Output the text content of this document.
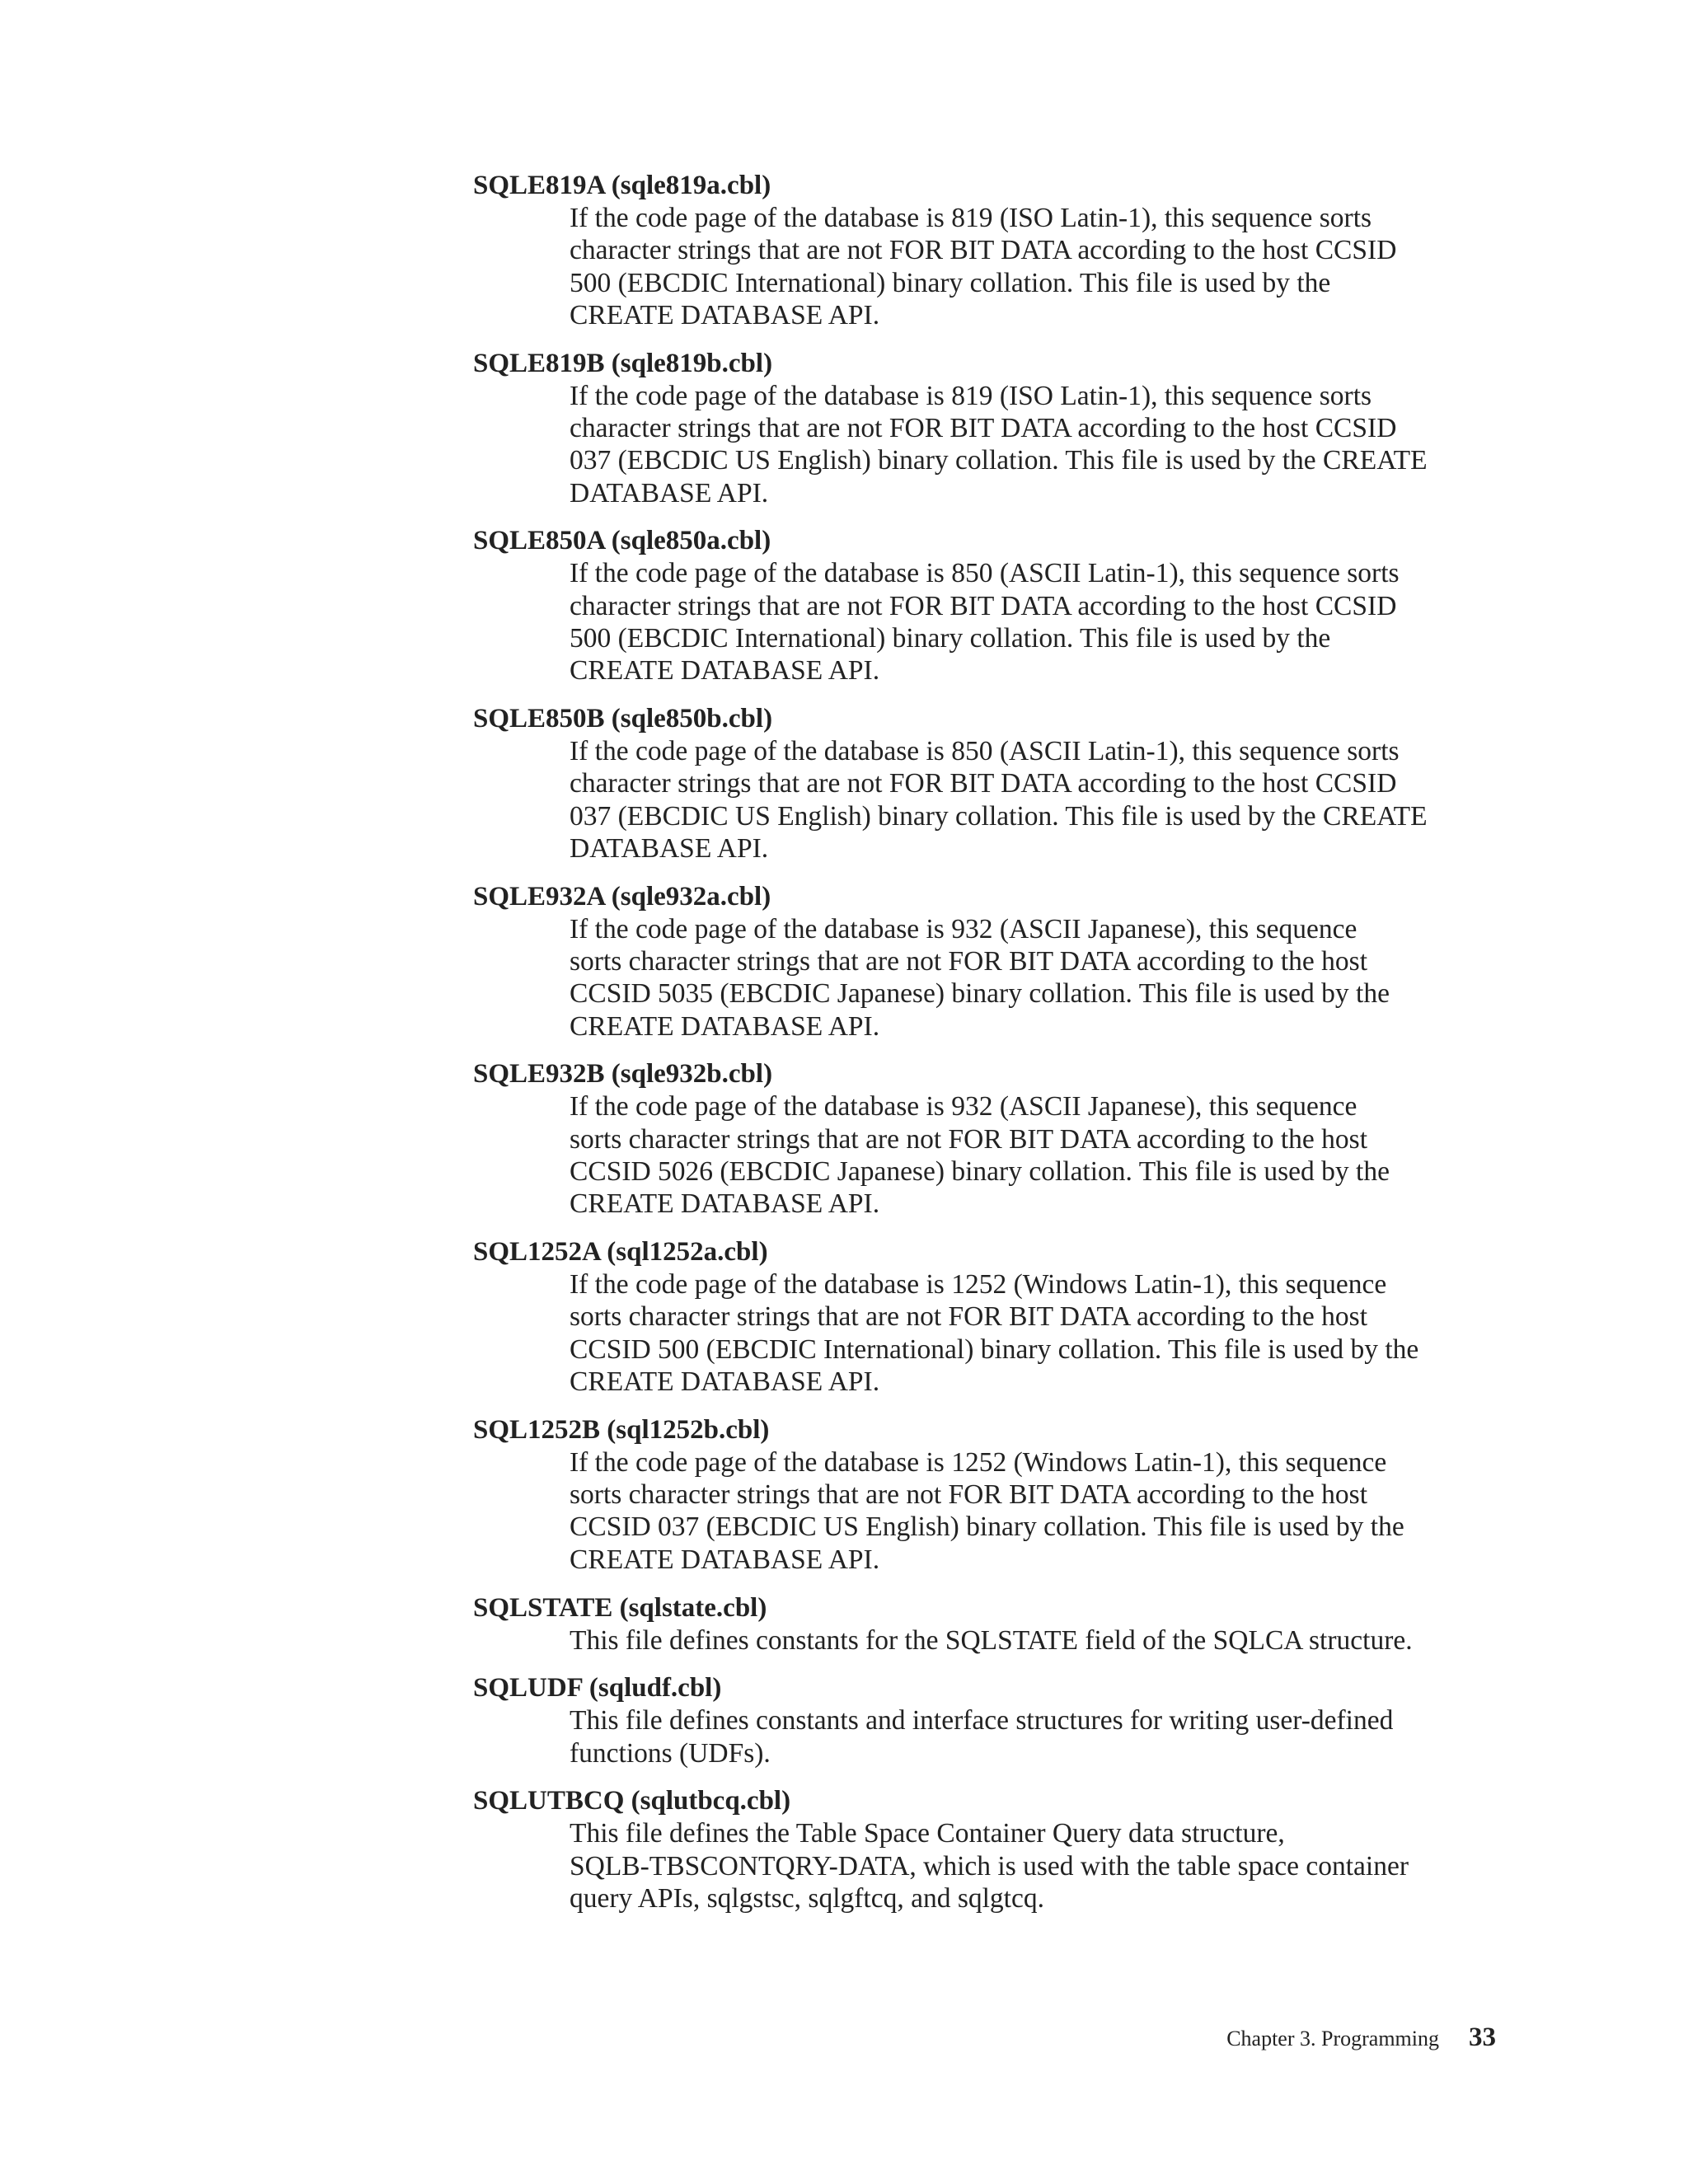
SQLE819A (sqle819a.cbl)
If the code page of the database is 819 (ISO Latin-1), this sequence sorts
character strings that are not FOR BIT DATA according to the host CCSID
500 (EBCDIC International) binary collation. This file is used by the
CREATE DATABASE API.
SQLE819B (sqle819b.cbl)
If the code page of the database is 819 (ISO Latin-1), this sequence sorts
character strings that are not FOR BIT DATA according to the host CCSID
037 (EBCDIC US English) binary collation. This file is used by the CREATE
DATABASE API.
SQLE850A (sqle850a.cbl)
If the code page of the database is 850 (ASCII Latin-1), this sequence sorts
character strings that are not FOR BIT DATA according to the host CCSID
500 (EBCDIC International) binary collation. This file is used by the
CREATE DATABASE API.
SQLE850B (sqle850b.cbl)
If the code page of the database is 850 (ASCII Latin-1), this sequence sorts
character strings that are not FOR BIT DATA according to the host CCSID
037 (EBCDIC US English) binary collation. This file is used by the CREATE
DATABASE API.
SQLE932A (sqle932a.cbl)
If the code page of the database is 932 (ASCII Japanese), this sequence
sorts character strings that are not FOR BIT DATA according to the host
CCSID 5035 (EBCDIC Japanese) binary collation. This file is used by the
CREATE DATABASE API.
SQLE932B (sqle932b.cbl)
If the code page of the database is 932 (ASCII Japanese), this sequence
sorts character strings that are not FOR BIT DATA according to the host
CCSID 5026 (EBCDIC Japanese) binary collation. This file is used by the
CREATE DATABASE API.
SQL1252A (sql1252a.cbl)
If the code page of the database is 1252 (Windows Latin-1), this sequence
sorts character strings that are not FOR BIT DATA according to the host
CCSID 500 (EBCDIC International) binary collation. This file is used by the
CREATE DATABASE API.
SQL1252B (sql1252b.cbl)
If the code page of the database is 1252 (Windows Latin-1), this sequence
sorts character strings that are not FOR BIT DATA according to the host
CCSID 037 (EBCDIC US English) binary collation. This file is used by the
CREATE DATABASE API.
SQLSTATE (sqlstate.cbl)
This file defines constants for the SQLSTATE field of the SQLCA structure.
SQLUDF (sqludf.cbl)
This file defines constants and interface structures for writing user-defined
functions (UDFs).
SQLUTBCQ (sqlutbcq.cbl)
This file defines the Table Space Container Query data structure,
SQLB-TBSCONTQRY-DATA, which is used with the table space container
query APIs, sqlgstsc, sqlgftcq, and sqlgtcq.
Chapter 3. Programming 33
